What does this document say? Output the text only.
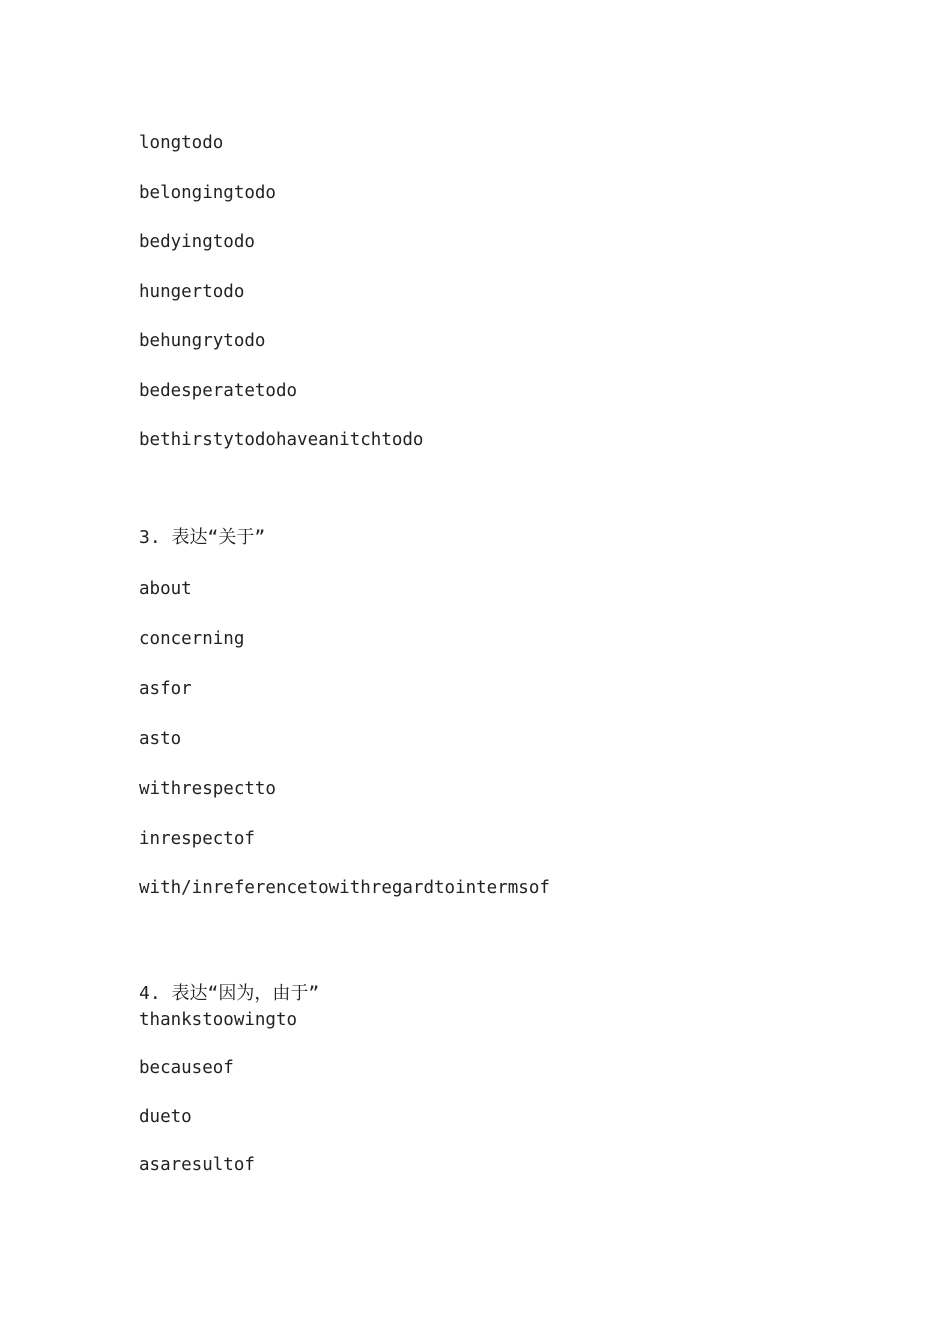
longtodo
belongingtodo
bedyingtodo
hungertodo
behungrytodo
bedesperatetodo
bethirstytodohaveanitchtodo
3. 表达“关于”
about
concerning
asfor
asto
withrespectto
inrespectof
with/inreferencetowithregardtointermsof
4. 表达“因为，由于”
thankstoowingto
becauseof
dueto
asaresultof
